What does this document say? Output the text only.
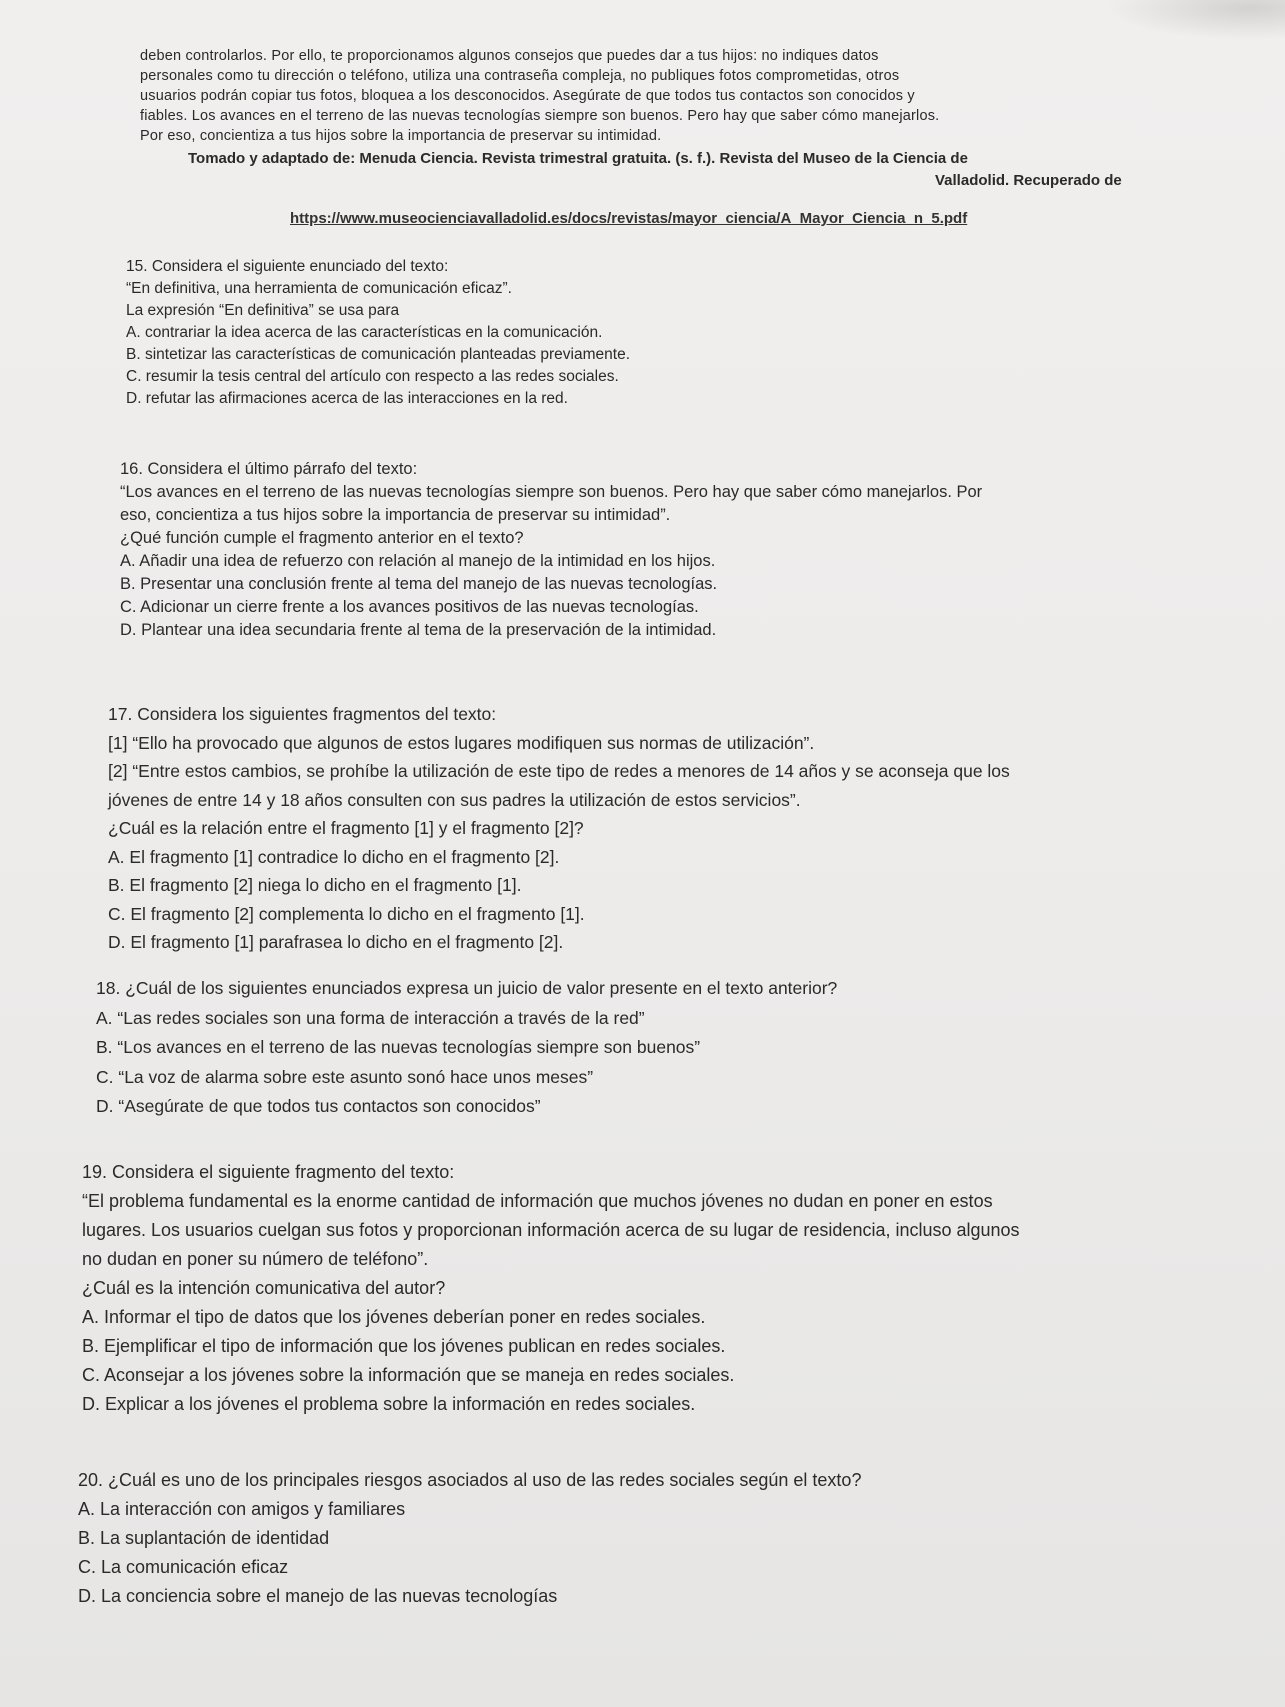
deben controlarlos. Por ello, te proporcionamos algunos consejos que puedes dar a tus hijos: no indiques datos

personales como tu dirección o teléfono, utiliza una contraseña compleja, no publiques fotos comprometidas, otros

usuarios podrán copiar tus fotos, bloquea a los desconocidos. Asegúrate de que todos tus contactos son conocidos y

fiables. Los avances en el terreno de las nuevas tecnologías siempre son buenos. Pero hay que saber cómo manejarlos.

Por eso, concientiza a tus hijos sobre la importancia de preservar su intimidad.

Tomado y adaptado de: Menuda Ciencia. Revista trimestral gratuita. (s. f.). Revista del Museo de la Ciencia de
Valladolid. Recuperado de
https://www.museocienciavalladolid.es/docs/revistas/mayor_ciencia/A_Mayor_Ciencia_n_5.pdf

15. Considera el siguiente enunciado del texto:

“En definitiva, una herramienta de comunicación eficaz”.

La expresión “En definitiva” se usa para

A. contrariar la idea acerca de las características en la comunicación.

B. sintetizar las características de comunicación planteadas previamente.

C. resumir la tesis central del artículo con respecto a las redes sociales.

D. refutar las afirmaciones acerca de las interacciones en la red.

16. Considera el último párrafo del texto:

“Los avances en el terreno de las nuevas tecnologías siempre son buenos. Pero hay que saber cómo manejarlos. Por

eso, concientiza a tus hijos sobre la importancia de preservar su intimidad”.

¿Qué función cumple el fragmento anterior en el texto?

A. Añadir una idea de refuerzo con relación al manejo de la intimidad en los hijos.

B. Presentar una conclusión frente al tema del manejo de las nuevas tecnologías.

C. Adicionar un cierre frente a los avances positivos de las nuevas tecnologías.

D. Plantear una idea secundaria frente al tema de la preservación de la intimidad.

17. Considera los siguientes fragmentos del texto:

[1] “Ello ha provocado que algunos de estos lugares modifiquen sus normas de utilización”.

[2] “Entre estos cambios, se prohíbe la utilización de este tipo de redes a menores de 14 años y se aconseja que los

jóvenes de entre 14 y 18 años consulten con sus padres la utilización de estos servicios”.

¿Cuál es la relación entre el fragmento [1] y el fragmento [2]?

A. El fragmento [1] contradice lo dicho en el fragmento [2].

B. El fragmento [2] niega lo dicho en el fragmento [1].

C. El fragmento [2] complementa lo dicho en el fragmento [1].

D. El fragmento [1] parafrasea lo dicho en el fragmento [2].

18. ¿Cuál de los siguientes enunciados expresa un juicio de valor presente en el texto anterior?

A. “Las redes sociales son una forma de interacción a través de la red”

B. “Los avances en el terreno de las nuevas tecnologías siempre son buenos”

C. “La voz de alarma sobre este asunto sonó hace unos meses”

D. “Asegúrate de que todos tus contactos son conocidos”

19. Considera el siguiente fragmento del texto:

“El problema fundamental es la enorme cantidad de información que muchos jóvenes no dudan en poner en estos

lugares. Los usuarios cuelgan sus fotos y proporcionan información acerca de su lugar de residencia, incluso algunos

no dudan en poner su número de teléfono”.

¿Cuál es la intención comunicativa del autor?

A. Informar el tipo de datos que los jóvenes deberían poner en redes sociales.

B. Ejemplificar el tipo de información que los jóvenes publican en redes sociales.

C. Aconsejar a los jóvenes sobre la información que se maneja en redes sociales.

D. Explicar a los jóvenes el problema sobre la información en redes sociales.

20. ¿Cuál es uno de los principales riesgos asociados al uso de las redes sociales según el texto?

A. La interacción con amigos y familiares

B. La suplantación de identidad

C. La comunicación eficaz

D. La conciencia sobre el manejo de las nuevas tecnologías
